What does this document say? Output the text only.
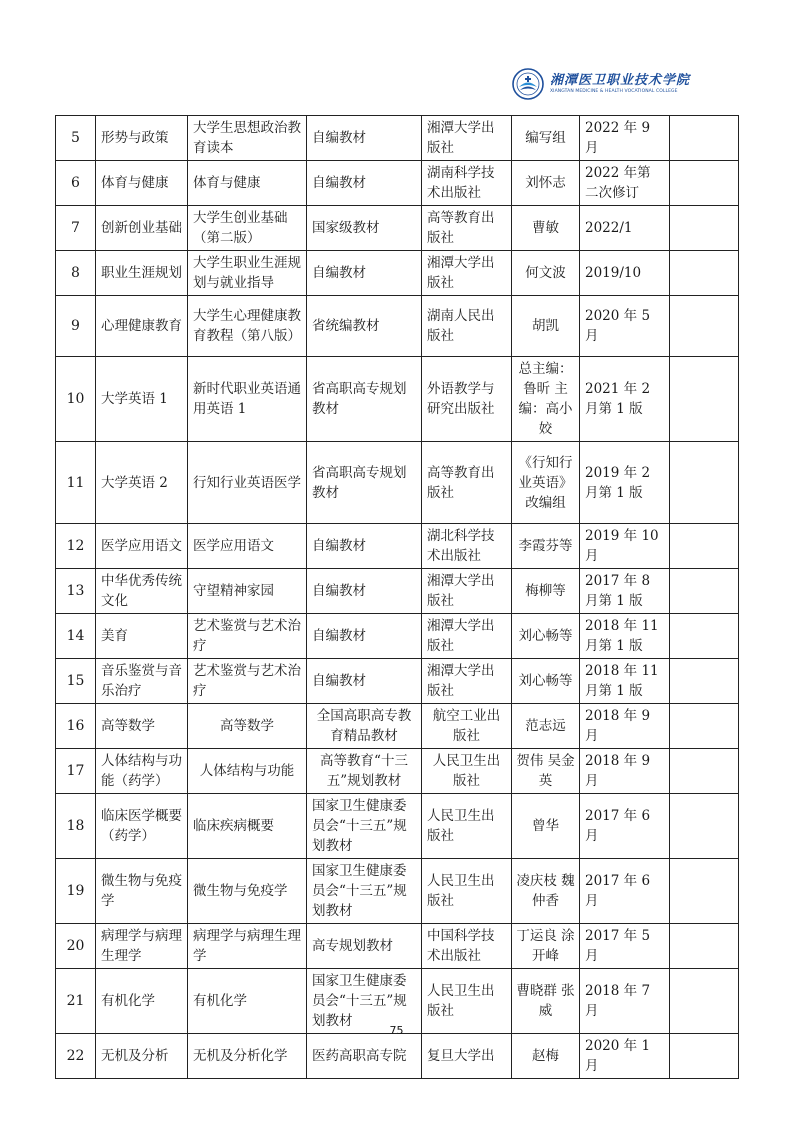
湘潭医卫职业技术学院
XIANGTAN MEDICINE & HEALTH VOCATIONAL COLLEGE
5	形势与政策	大学生思想政治教育读本	自编教材	湘潭大学出版社	编写组	2022 年 9 月	
6	体育与健康	体育与健康	自编教材	湖南科学技术出版社	刘怀志	2022 年第二次修订	
7	创新创业基础	大学生创业基础（第二版）	国家级教材	高等教育出版社	曹敏	2022/1	
8	职业生涯规划	大学生职业生涯规划与就业指导	自编教材	湘潭大学出版社	何文波	2019/10	
9	心理健康教育	大学生心理健康教育教程（第八版）	省统编教材	湖南人民出版社	胡凯	2020 年 5 月	
10	大学英语 1	新时代职业英语通用英语 1	省高职高专规划教材	外语教学与研究出版社	总主编：鲁昕 主编：高小姣	2021 年 2 月第 1 版	
11	大学英语 2	行知行业英语医学	省高职高专规划教材	高等教育出版社	《行知行业英语》改编组	2019 年 2 月第 1 版	
12	医学应用语文	医学应用语文	自编教材	湖北科学技术出版社	李霞芬等	2019 年 10 月	
13	中华优秀传统文化	守望精神家园	自编教材	湘潭大学出版社	梅柳等	2017 年 8 月第 1 版	
14	美育	艺术鉴赏与艺术治疗	自编教材	湘潭大学出版社	刘心畅等	2018 年 11 月第 1 版	
15	音乐鉴赏与音乐治疗	艺术鉴赏与艺术治疗	自编教材	湘潭大学出版社	刘心畅等	2018 年 11 月第 1 版	
16	高等数学	高等数学	全国高职高专教育精品教材	航空工业出版社	范志远	2018 年 9 月	
17	人体结构与功能（药学）	人体结构与功能	高等教育“十三五”规划教材	人民卫生出版社	贺伟 吴金英	2018 年 9 月	
18	临床医学概要（药学）	临床疾病概要	国家卫生健康委员会“十三五”规划教材	人民卫生出版社	曾华	2017 年 6 月	
19	微生物与免疫学	微生物与免疫学	国家卫生健康委员会“十三五”规划教材	人民卫生出版社	凌庆枝 魏仲香	2017 年 6 月	
20	病理学与病理生理学	病理学与病理生理学	高专规划教材	中国科学技术出版社	丁运良 涂开峰	2017 年 5 月	
21	有机化学	有机化学	国家卫生健康委员会“十三五”规划教材	人民卫生出版社	曹晓群 张威	2018 年 7 月	
22	无机及分析	无机及分析化学	医药高职高专院	复旦大学出	赵梅	2020 年 1 月	
75
